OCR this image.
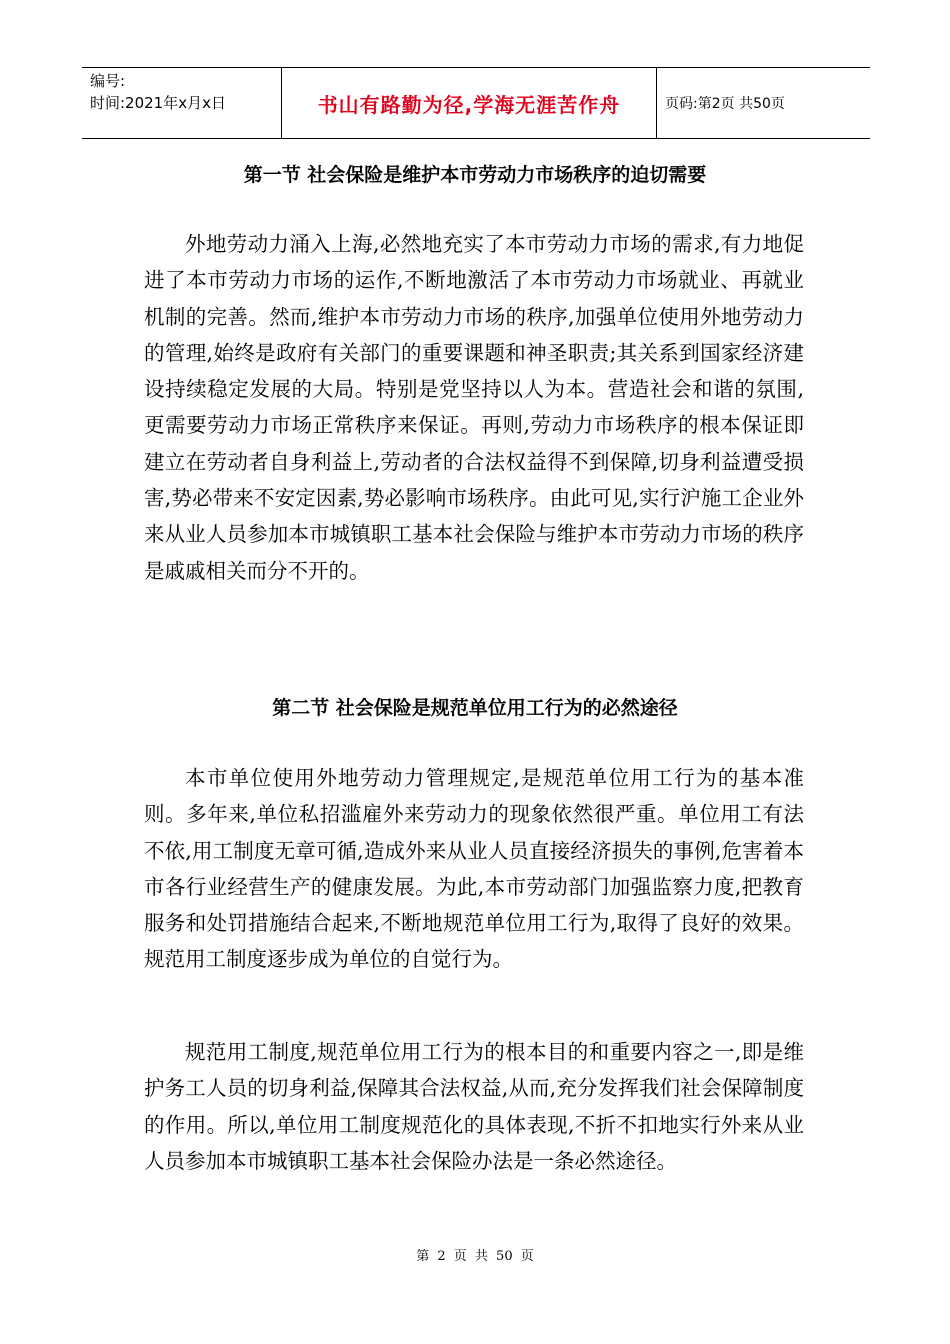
编号:
时间:2021年x月x日	书山有路勤为径,学海无涯苦作舟	页码:第2页 共50页
第一节 社会保险是维护本市劳动力市场秩序的迫切需要

外地劳动力涌入上海,必然地充实了本市劳动力市场的需求,有力地促进了本市劳动力市场的运作,不断地激活了本市劳动力市场就业、再就业机制的完善。然而,维护本市劳动力市场的秩序,加强单位使用外地劳动力的管理,始终是政府有关部门的重要课题和神圣职责;其关系到国家经济建设持续稳定发展的大局。特别是党坚持以人为本。营造社会和谐的氛围,更需要劳动力市场正常秩序来保证。再则,劳动力市场秩序的根本保证即建立在劳动者自身利益上,劳动者的合法权益得不到保障,切身利益遭受损害,势必带来不安定因素,势必影响市场秩序。由此可见,实行沪施工企业外来从业人员参加本市城镇职工基本社会保险与维护本市劳动力市场的秩序是戚戚相关而分不开的。

第二节 社会保险是规范单位用工行为的必然途径

本市单位使用外地劳动力管理规定,是规范单位用工行为的基本准则。多年来,单位私招滥雇外来劳动力的现象依然很严重。单位用工有法不依,用工制度无章可循,造成外来从业人员直接经济损失的事例,危害着本市各行业经营生产的健康发展。为此,本市劳动部门加强监察力度,把教育服务和处罚措施结合起来,不断地规范单位用工行为,取得了良好的效果。规范用工制度逐步成为单位的自觉行为。

规范用工制度,规范单位用工行为的根本目的和重要内容之一,即是维护务工人员的切身利益,保障其合法权益,从而,充分发挥我们社会保障制度的作用。所以,单位用工制度规范化的具体表现,不折不扣地实行外来从业人员参加本市城镇职工基本社会保险办法是一条必然途径。

第 2 页 共 50 页
